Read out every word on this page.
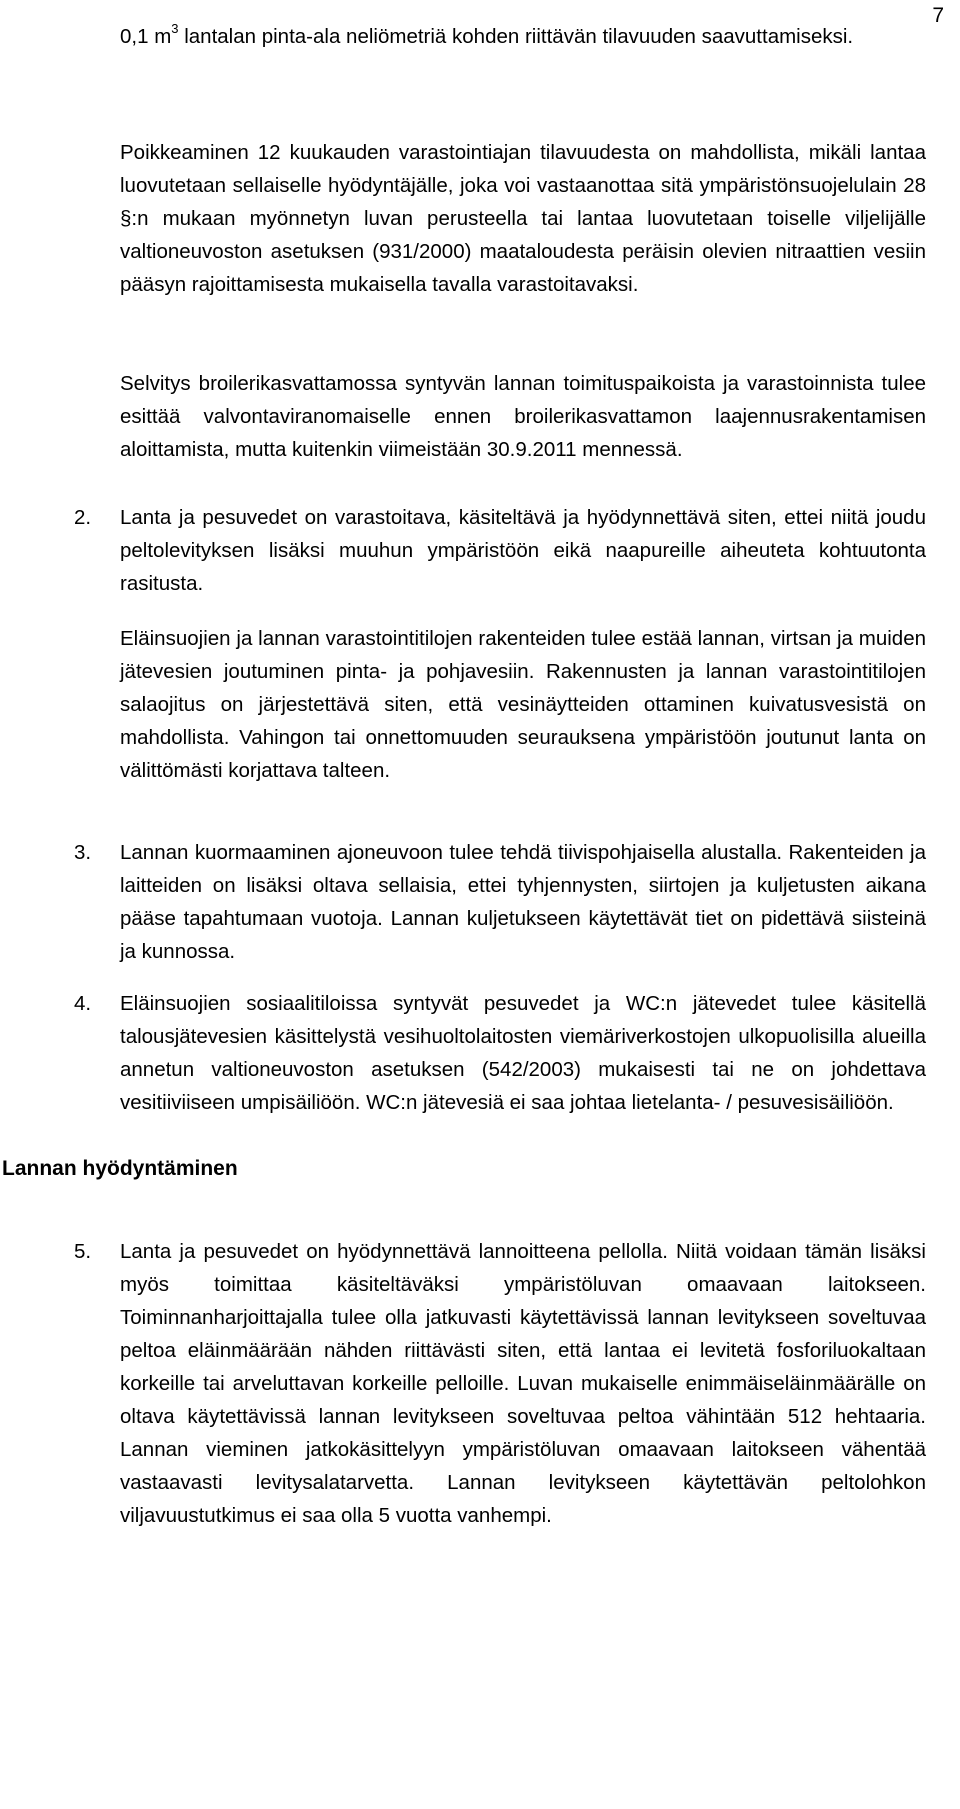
7

0,1 $m^3$ lantalan pinta-ala neliömetriä kohden riittävän tilavuuden saavuttamiseksi.

Poikkeaminen 12 kuukauden varastointiajan tilavuudesta on mahdollista, mikäli lantaa luovutetaan sellaiselle hyödyntäjälle, joka voi vastaanottaa sitä ympäristönsuojelulain 28 §:n mukaan myönnetyn luvan perusteella tai lantaa luovutetaan toiselle viljelijälle valtioneuvoston asetuksen (931/2000) maataloudesta peräisin olevien nitraattien vesiin pääsyn rajoittamisesta mukaisella tavalla varastoitavaksi.

Selvitys broilerikasvattamossa syntyvän lannan toimituspaikoista ja varastoinnista tulee esittää valvontaviranomaiselle ennen broilerikasvattamon laajennusrakentamisen aloittamista, mutta kuitenkin viimeistään 30.9.2011 mennessä.

2. Lanta ja pesuvedet on varastoitava, käsiteltävä ja hyödynnettävä siten, ettei niitä joudu peltolevityksen lisäksi muuhun ympäristöön eikä naapureille aiheuteta kohtuutonta rasitusta.

Eläinsuojien ja lannan varastointitilojen rakenteiden tulee estää lannan, virtsan ja muiden jätevesien joutuminen pinta- ja pohjavesiin. Rakennusten ja lannan varastointitilojen salaojitus on järjestettävä siten, että vesinäytteiden ottaminen kuivatusvesistä on mahdollista. Vahingon tai onnettomuuden seurauksena ympäristöön joutunut lanta on välittömästi korjattava talteen.

3. Lannan kuormaaminen ajoneuvoon tulee tehdä tiivispohjaisella alustalla. Rakenteiden ja laitteiden on lisäksi oltava sellaisia, ettei tyhjennysten, siirtojen ja kuljetusten aikana pääse tapahtumaan vuotoja. Lannan kuljetukseen käytettävät tiet on pidettävä siisteinä ja kunnossa.

4. Eläinsuojien sosiaalitiloissa syntyvät pesuvedet ja WC:n jätevedet tulee käsitellä talousjätevesien käsittelystä vesihuoltolaitosten viemäriverkostojen ulkopuolisilla alueilla annetun valtioneuvoston asetuksen (542/2003) mukaisesti tai ne on johdettava vesitiiviiseen umpisäiliöön. WC:n jätevesiä ei saa johtaa lietelanta- / pesuvesisäiliöön.

Lannan hyödyntäminen
5. Lanta ja pesuvedet on hyödynnettävä lannoitteena pellolla. Niitä voidaan tämän lisäksi myös toimittaa käsiteltäväksi ympäristöluvan omaavaan laitokseen. Toiminnanharjoittajalla tulee olla jatkuvasti käytettävissä lannan levitykseen soveltuvaa peltoa eläinmäärään nähden riittävästi siten, että lantaa ei levitetä fosforiluokaltaan korkeille tai arveluttavan korkeille pelloille. Luvan mukaiselle enimmäiseläinmäärälle on oltava käytettävissä lannan levitykseen soveltuvaa peltoa vähintään 512 hehtaaria. Lannan vieminen jatkokäsittelyyn ympäristöluvan omaavaan laitokseen vähentää vastaavasti levitysalatarvetta. Lannan levitykseen käytettävän peltolohkon viljavuustutkimus ei saa olla 5 vuotta vanhempi.
